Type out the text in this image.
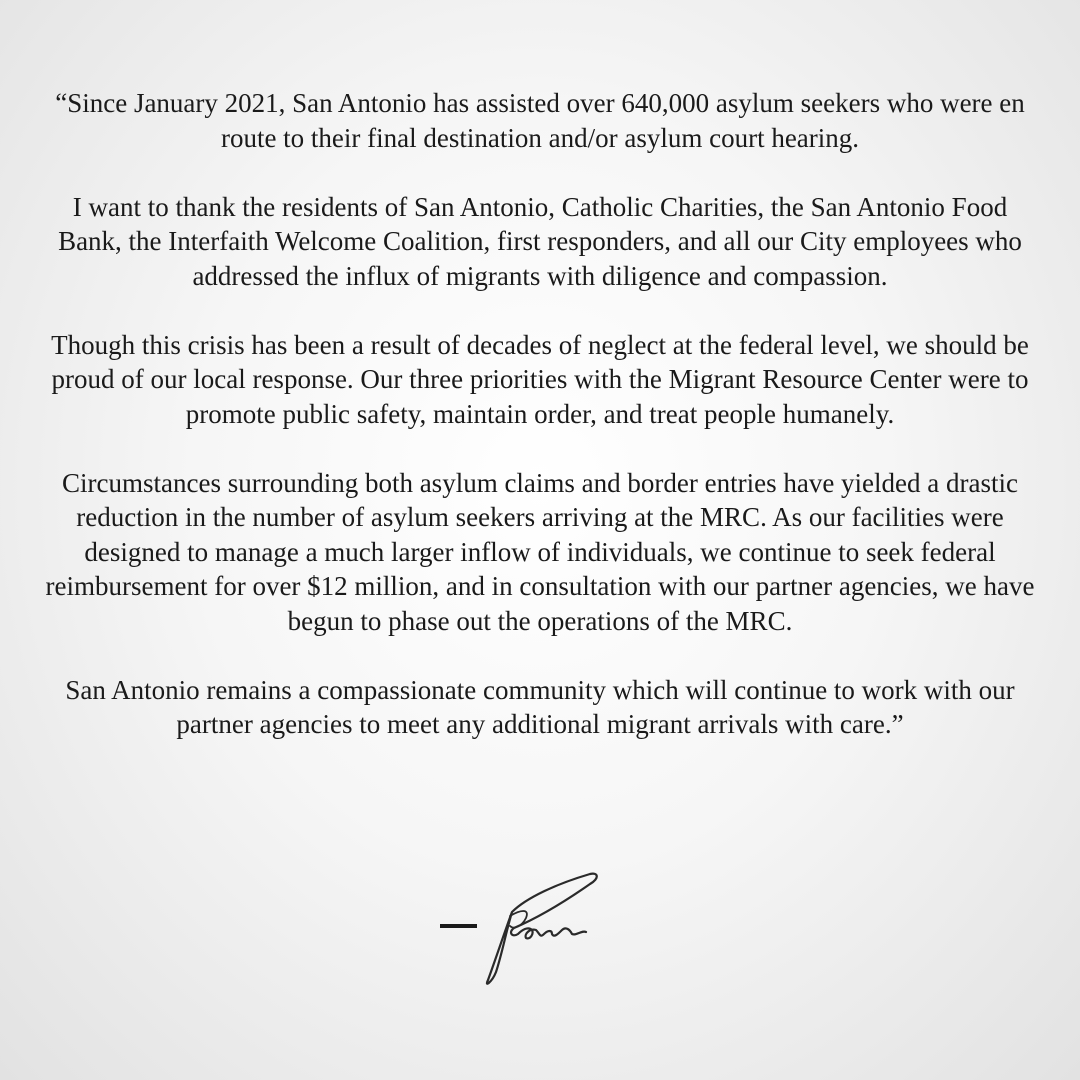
“Since January 2021, San Antonio has assisted over 640,000 asylum seekers who were en route to their final destination and/or asylum court hearing.

I want to thank the residents of San Antonio, Catholic Charities, the San Antonio Food Bank, the Interfaith Welcome Coalition, first responders, and all our City employees who addressed the influx of migrants with diligence and compassion.

Though this crisis has been a result of decades of neglect at the federal level, we should be proud of our local response. Our three priorities with the Migrant Resource Center were to promote public safety, maintain order, and treat people humanely.

Circumstances surrounding both asylum claims and border entries have yielded a drastic reduction in the number of asylum seekers arriving at the MRC. As our facilities were designed to manage a much larger inflow of individuals, we continue to seek federal reimbursement for over $12 million, and in consultation with our partner agencies, we have begun to phase out the operations of the MRC.

San Antonio remains a compassionate community which will continue to work with our partner agencies to meet any additional migrant arrivals with care.”
